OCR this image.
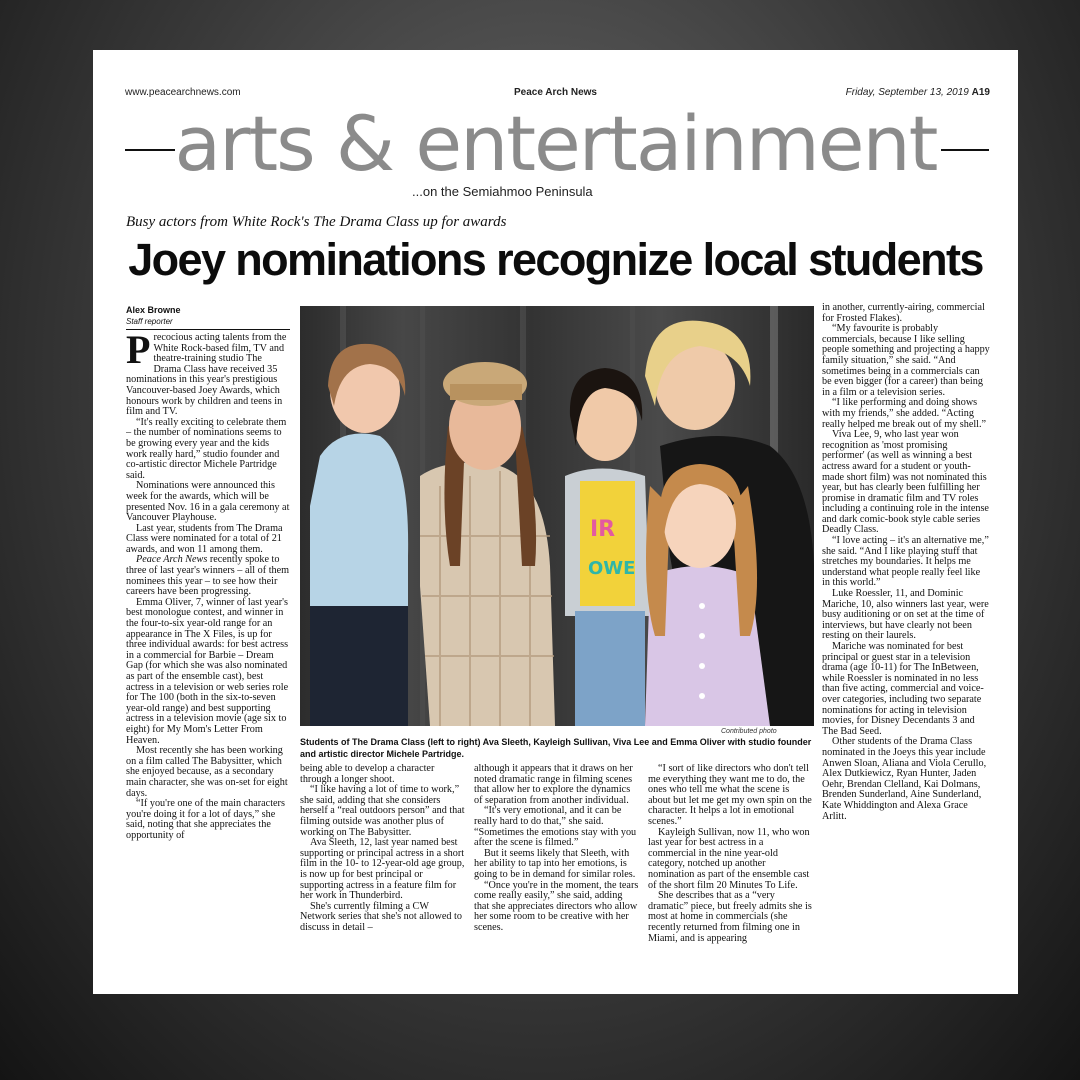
www.peacearchnews.com	Peace Arch News	Friday, September 13, 2019 A19
arts & entertainment
...on the Semiahmoo Peninsula
Busy actors from White Rock's The Drama Class up for awards
Joey nominations recognize local students
Alex Browne
Staff reporter

Precocious acting talents from the White Rock-based film, TV and theatre-training studio The Drama Class have received 35 nominations in this year's prestigious Vancouver-based Joey Awards, which honours work by children and teens in film and TV.

“It's really exciting to celebrate them – the number of nominations seems to be growing every year and the kids work really hard,” studio founder and co-artistic director Michele Partridge said.

Nominations were announced this week for the awards, which will be presented Nov. 16 in a gala ceremony at Vancouver Playhouse.

Last year, students from The Drama Class were nominated for a total of 21 awards, and won 11 among them.

Peace Arch News recently spoke to three of last year's winners – all of them nominees this year – to see how their careers have been progressing.

Emma Oliver, 7, winner of last year's best monologue contest, and winner in the four-to-six year-old range for an appearance in The X Files, is up for three individual awards: for best actress in a commercial for Barbie – Dream Gap (for which she was also nominated as part of the ensemble cast), best actress in a television or web series role for The 100 (both in the six-to-seven year-old range) and best supporting actress in a television movie (age six to eight) for My Mom's Letter From Heaven.

Most recently she has been working on a film called The Babysitter, which she enjoyed because, as a secondary main character, she was on-set for eight days.

“If you're one of the main characters you're doing it for a lot of days,” she said, noting that she appreciates the opportunity of

IR
OWE
Contributed photo
Students of The Drama Class (left to right) Ava Sleeth, Kayleigh Sullivan, Viva Lee and Emma Oliver with studio founder and artistic director Michele Partridge.

being able to develop a character through a longer shoot.

“I like having a lot of time to work,” she said, adding that she considers herself a “real outdoors person” and that filming outside was another plus of working on The Babysitter.

Ava Sleeth, 12, last year named best supporting or principal actress in a short film in the 10- to 12-year-old age group, is now up for best principal or supporting actress in a feature film for her work in Thunderbird.

She's currently filming a CW Network series that she's not allowed to discuss in detail –

although it appears that it draws on her noted dramatic range in filming scenes that allow her to explore the dynamics of separation from another individual.

“It's very emotional, and it can be really hard to do that,” she said. “Sometimes the emotions stay with you after the scene is filmed.”

But it seems likely that Sleeth, with her ability to tap into her emotions, is going to be in demand for similar roles.

“Once you're in the moment, the tears come really easily,” she said, adding that she appreciates directors who allow her some room to be creative with her scenes.

“I sort of like directors who don't tell me everything they want me to do, the ones who tell me what the scene is about but let me get my own spin on the character. It helps a lot in emotional scenes.”

Kayleigh Sullivan, now 11, who won last year for best actress in a commercial in the nine year-old category, notched up another nomination as part of the ensemble cast of the short film 20 Minutes To Life.

She describes that as a “very dramatic” piece, but freely admits she is most at home in commercials (she recently returned from filming one in Miami, and is appearing

in another, currently-airing, commercial for Frosted Flakes).

“My favourite is probably commercials, because I like selling people something and projecting a happy family situation,” she said. “And sometimes being in a commercials can be even bigger (for a career) than being in a film or a television series.

“I like performing and doing shows with my friends,” she added. “Acting really helped me break out of my shell.”

Viva Lee, 9, who last year won recognition as 'most promising performer' (as well as winning a best actress award for a student or youth-made short film) was not nominated this year, but has clearly been fulfilling her promise in dramatic film and TV roles including a continuing role in the intense and dark comic-book style cable series Deadly Class.

“I love acting – it's an alternative me,” she said. “And I like playing stuff that stretches my boundaries. It helps me understand what people really feel like in this world.”

Luke Roessler, 11, and Dominic Mariche, 10, also winners last year, were busy auditioning or on set at the time of interviews, but have clearly not been resting on their laurels.

Mariche was nominated for best principal or guest star in a television drama (age 10-11) for The InBetween, while Roessler is nominated in no less than five acting, commercial and voice-over categories, including two separate nominations for acting in television movies, for Disney Decendants 3 and The Bad Seed.

Other students of the Drama Class nominated in the Joeys this year include Anwen Sloan, Aliana and Viola Cerullo, Alex Dutkiewicz, Ryan Hunter, Jaden Oehr, Brendan Clelland, Kai Dolmans, Brenden Sunderland, Aine Sunderland, Kate Whiddington and Alexa Grace Arlitt.
